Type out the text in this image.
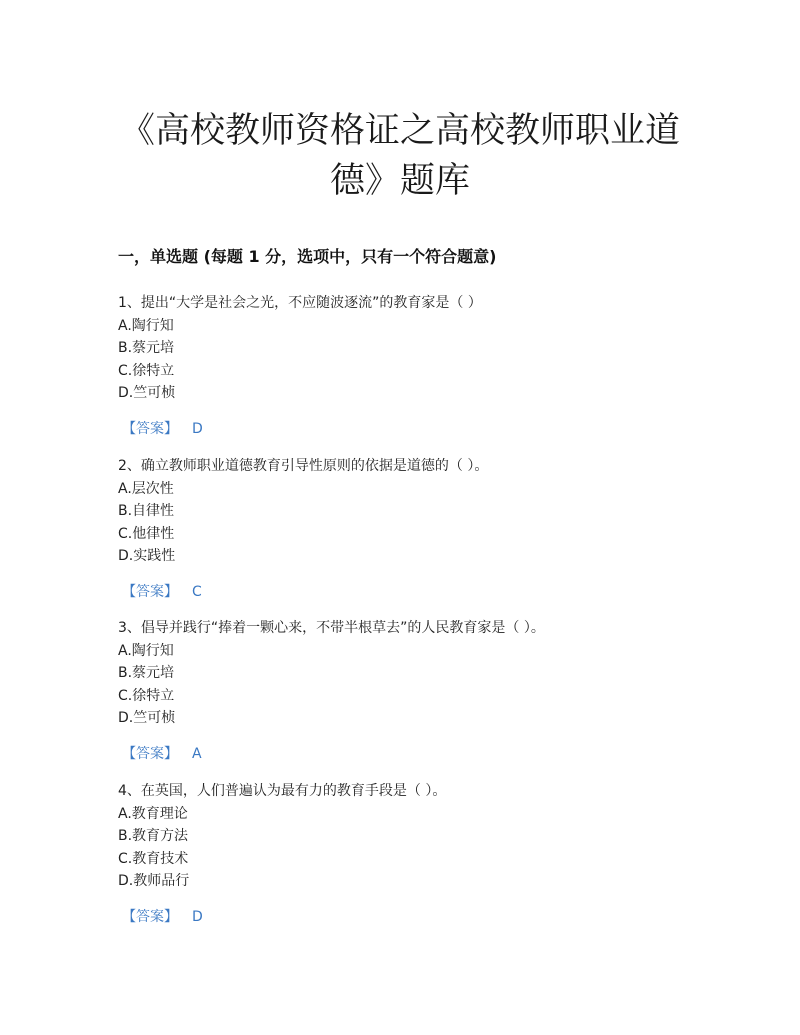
《高校教师资格证之高校教师职业道
德》题库
一，单选题 (每题 1 分，选项中，只有一个符合题意)
1、提出“大学是社会之光，不应随波逐流”的教育家是（ ）
A.陶行知
B.蔡元培
C.徐特立
D.竺可桢
【答案】 D
2、确立教师职业道德教育引导性原则的依据是道德的（ ）。
A.层次性
B.自律性
C.他律性
D.实践性
【答案】 C
3、倡导并践行“捧着一颗心来，不带半根草去”的人民教育家是（ ）。
A.陶行知
B.蔡元培
C.徐特立
D.竺可桢
【答案】 A
4、在英国，人们普遍认为最有力的教育手段是（ ）。
A.教育理论
B.教育方法
C.教育技术
D.教师品行
【答案】 D
